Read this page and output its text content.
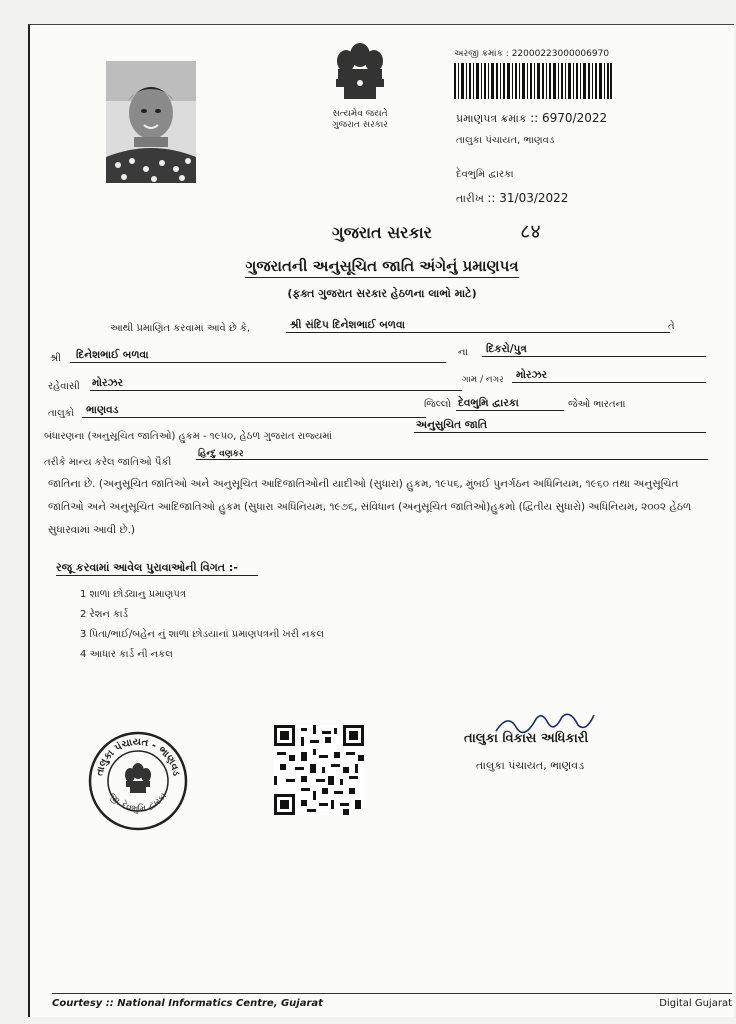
સત્યમેવ જયતે
ગુજરાત સરકાર
અરજી ક્રમાંક : 22000223000006970
પ્રમાણપત્ર ક્રમાંક :: 6970/2022
તાલુકા પંચાયત, ભાણવડ
દેવભુમિ દ્વારકા
તારીખ :: 31/03/2022
८४
ગુજરાત સરકાર
ગુજરાતની અનુસૂચિત જાતિ અંગેનું પ્રમાણપત્ર
(ફક્ત ગુજરાત સરકાર હેઠળના લાભો માટે)
આથી પ્રમાણિત કરવામાં આવે છે કે,	શ્રી સંદિપ દિનેશભાઈ બળવા	તે
શ્રી	દિનેશભાઈ બળવા	ના	દિકરો/પુત્ર
રહેવાસી મોરઝર	ગામ / નગર	મોરઝર
તાલુકો	ભાણવડ	જિલ્લો દેવભુમિ દ્વારકા	જેઓ ભારતના
બંધારણના (અનુસૂચિત જાતિઓ) હુકમ - ૧૯૫૦, હેઠળ ગુજરાત રાજ્યમાં
અનુસુચિત જાતિ
તરીકે માન્ય કરેલ જાતિઓ પૈકી
હિન્દુ વણકર
જાતિના છે. (અનુસૂચિત જાતિઓ અને અનુસૂચિત આદિજાતિઓની યાદીઓ (સુધારા) હુકમ, ૧૯૫૬, મુંબઈ પુનર્ગઠન અધિનિયમ, ૧૯૬૦ તથા અનુસૂચિત જાતિઓ અને અનુસૂચિત આદિજાતિઓ હુકમ (સુધારા અધિનિયમ, ૧૯૭૬, સંવિધાન (અનુસૂચિત જાતિઓ)હુકમો (દ્વિતીય સુધારો) અધિનિયમ, ૨૦૦૨ હેઠળ સુધારવામાં આવી છે.)
રજૂ કરવામાં આવેલ પુરાવાઓની વિગત :-
1 શાળા છોડ્યાનુ પ્રમાણપત્ર
2 રેશન કાર્ડ
3 પિતા/ભાઈ/બહેન નું શાળા છોડયાનાં પ્રમાણપત્રની ખરી નકલ
4 આધાર કાર્ડ ની નકલ
તાલુકા વિકાસ અધિકારી
તાલુકા પંચાયત, ભાણવડ
તાલુકા પંચાયત - ભાણવડ
જી. દેવભુમિ દ્વારકા
Courtesy :: National Informatics Centre, Gujarat	Digital Gujarat
